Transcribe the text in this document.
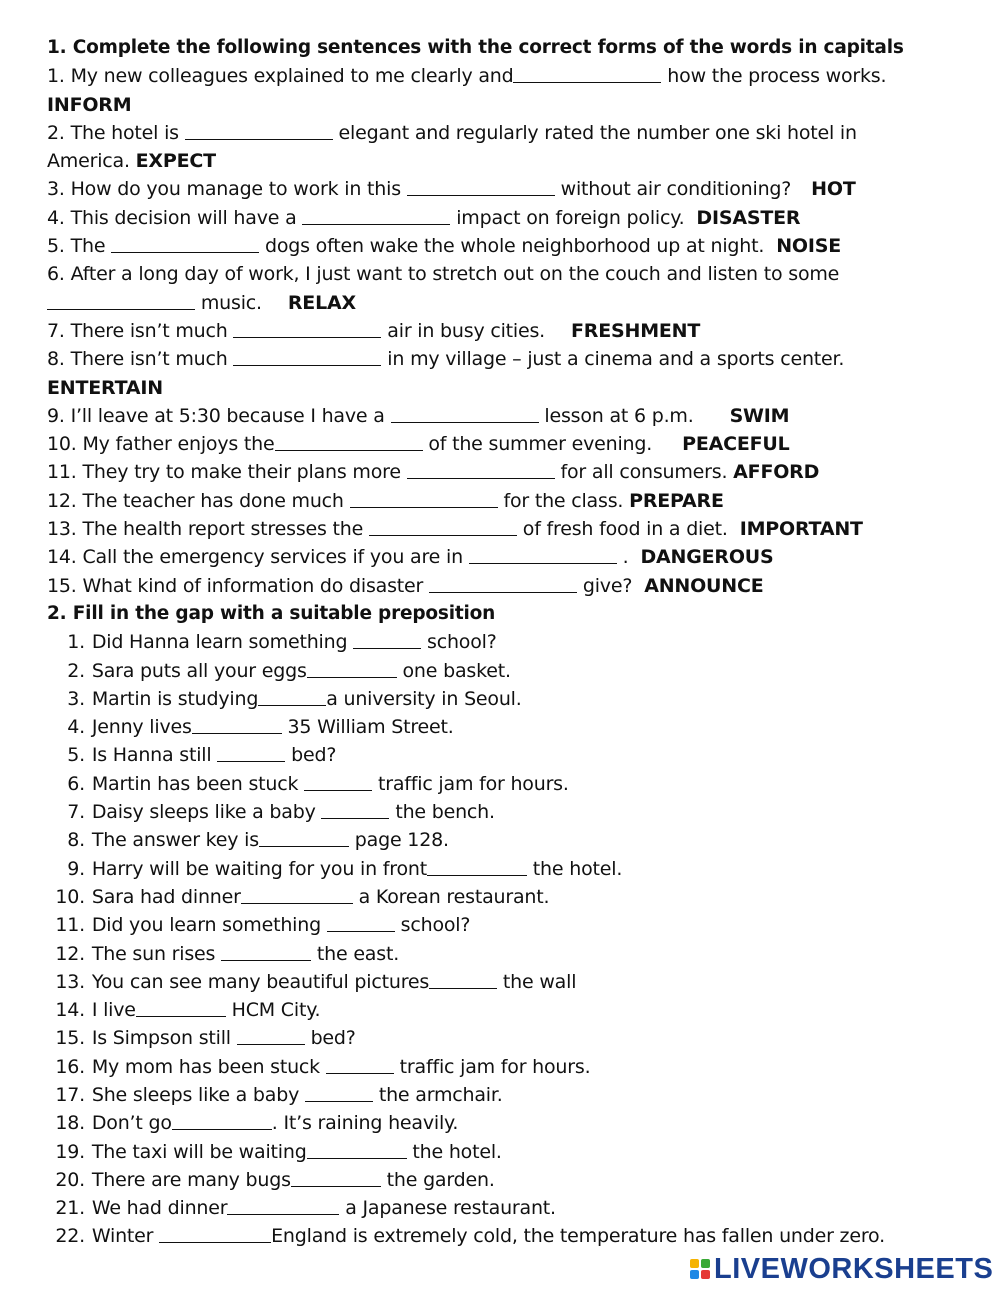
1. Complete the following sentences with the correct forms of the words in capitals
1. My new colleagues explained to me clearly and	how the process works.
INFORM
2. The hotel is	elegant and regularly rated the number one ski hotel in
America. EXPECT
3. How do you manage to work in this	without air conditioning? HOT
4. This decision will have a	impact on foreign policy. DISASTER
5. The	dogs often wake the whole neighborhood up at night. NOISE
6. After a long day of work, I just want to stretch out on the couch and listen to some
music. RELAX
7. There isn’t much	air in busy cities. FRESHMENT
8. There isn’t much	in my village – just a cinema and a sports center.
ENTERTAIN
9. I’ll leave at 5:30 because I have a	lesson at 6 p.m. SWIM
10. My father enjoys the	of the summer evening. PEACEFUL
11. They try to make their plans more	for all consumers. AFFORD
12. The teacher has done much	for the class. PREPARE
13. The health report stresses the	of fresh food in a diet. IMPORTANT
14. Call the emergency services if you are in	. DANGEROUS
15. What kind of information do disaster	give? ANNOUNCE
2. Fill in the gap with a suitable preposition
1. Did Hanna learn something	school?
2. Sara puts all your eggs	one basket.
3. Martin is studying	a university in Seoul.
4. Jenny lives	35 William Street.
5. Is Hanna still	bed?
6. Martin has been stuck	traffic jam for hours.
7. Daisy sleeps like a baby	the bench.
8. The answer key is	page 128.
9. Harry will be waiting for you in front	the hotel.
10. Sara had dinner	a Korean restaurant.
11. Did you learn something	school?
12. The sun rises	the east.
13. You can see many beautiful pictures	the wall
14. I live	HCM City.
15. Is Simpson still	bed?
16. My mom has been stuck	traffic jam for hours.
17. She sleeps like a baby	the armchair.
18. Don’t go	. It’s raining heavily.
19. The taxi will be waiting	the hotel.
20. There are many bugs	the garden.
21. We had dinner	a Japanese restaurant.
22. Winter	England is extremely cold, the temperature has fallen under zero.
LIVEWORKSHEETS
